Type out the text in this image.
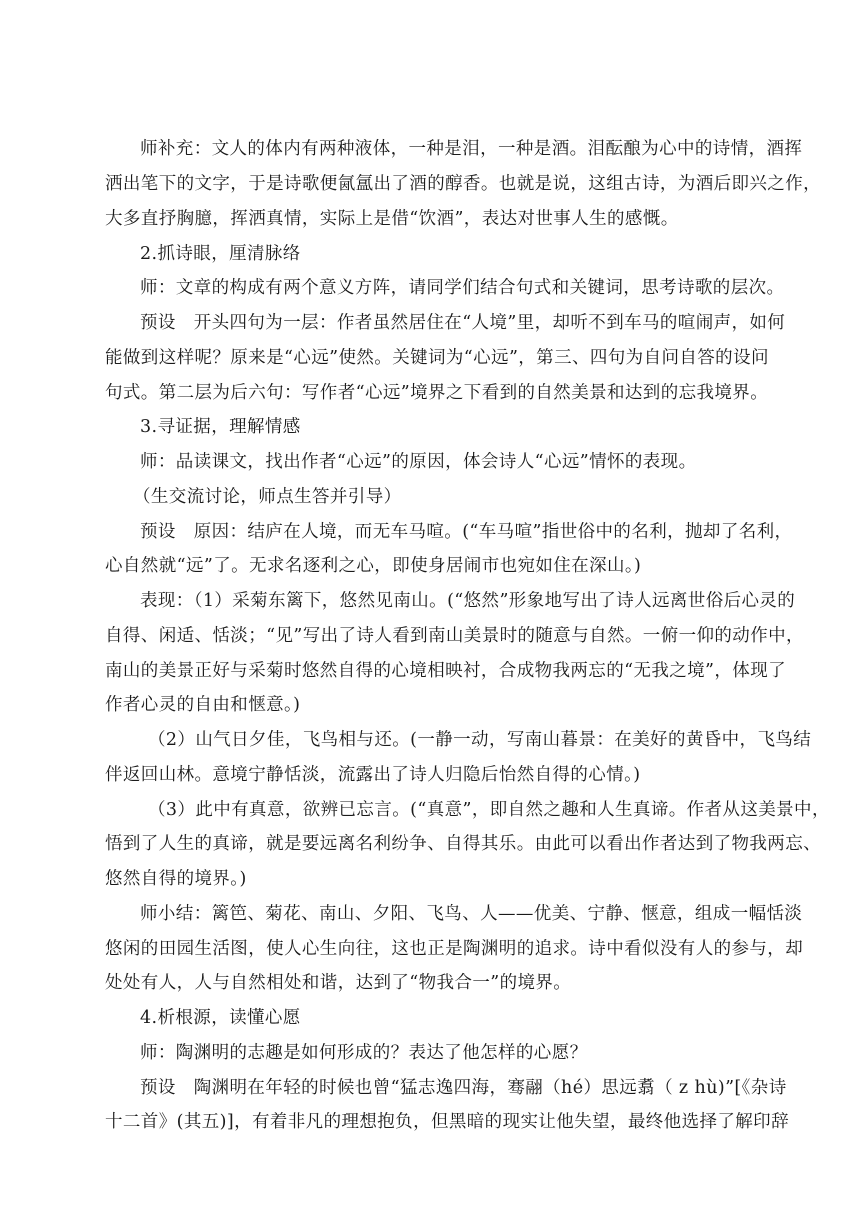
师补充：文人的体内有两种液体，一种是泪，一种是酒。泪酝酿为心中的诗情，酒挥
洒出笔下的文字，于是诗歌便氤氲出了酒的醇香。也就是说，这组古诗，为酒后即兴之作，
大多直抒胸臆，挥洒真情，实际上是借“饮酒”，表达对世事人生的感慨。
2.抓诗眼，厘清脉络
师：文章的构成有两个意义方阵，请同学们结合句式和关键词，思考诗歌的层次。
预设　开头四句为一层：作者虽然居住在“人境”里，却听不到车马的喧闹声，如何
能做到这样呢？原来是“心远”使然。关键词为“心远”，第三、四句为自问自答的设问
句式。第二层为后六句：写作者“心远”境界之下看到的自然美景和达到的忘我境界。
3.寻证据，理解情感
师：品读课文，找出作者“心远”的原因，体会诗人“心远”情怀的表现。
（生交流讨论，师点生答并引导）
预设　原因：结庐在人境，而无车马喧。(“车马喧”指世俗中的名利，抛却了名利，
心自然就“远”了。无求名逐利之心，即使身居闹市也宛如住在深山。)
表现：（1）采菊东篱下，悠然见南山。(“悠然”形象地写出了诗人远离世俗后心灵的
自得、闲适、恬淡；“见”写出了诗人看到南山美景时的随意与自然。一俯一仰的动作中，
南山的美景正好与采菊时悠然自得的心境相映衬，合成物我两忘的“无我之境”，体现了
作者心灵的自由和惬意。)
（2）山气日夕佳，飞鸟相与还。(一静一动，写南山暮景：在美好的黄昏中，飞鸟结
伴返回山林。意境宁静恬淡，流露出了诗人归隐后怡然自得的心情。)
（3）此中有真意，欲辨已忘言。(“真意”，即自然之趣和人生真谛。作者从这美景中，
悟到了人生的真谛，就是要远离名利纷争、自得其乐。由此可以看出作者达到了物我两忘、
悠然自得的境界。)
师小结：篱笆、菊花、南山、夕阳、飞鸟、人——优美、宁静、惬意，组成一幅恬淡
悠闲的田园生活图，使人心生向往，这也正是陶渊明的追求。诗中看似没有人的参与，却
处处有人，人与自然相处和谐，达到了“物我合一”的境界。
4.析根源，读懂心愿
师：陶渊明的志趣是如何形成的？表达了他怎样的心愿？
预设　陶渊明在年轻的时候也曾“猛志逸四海，骞翮（hé）思远翥（ z hù)”[《杂诗
十二首》(其五)]，有着非凡的理想抱负，但黑暗的现实让他失望，最终他选择了解印辞
